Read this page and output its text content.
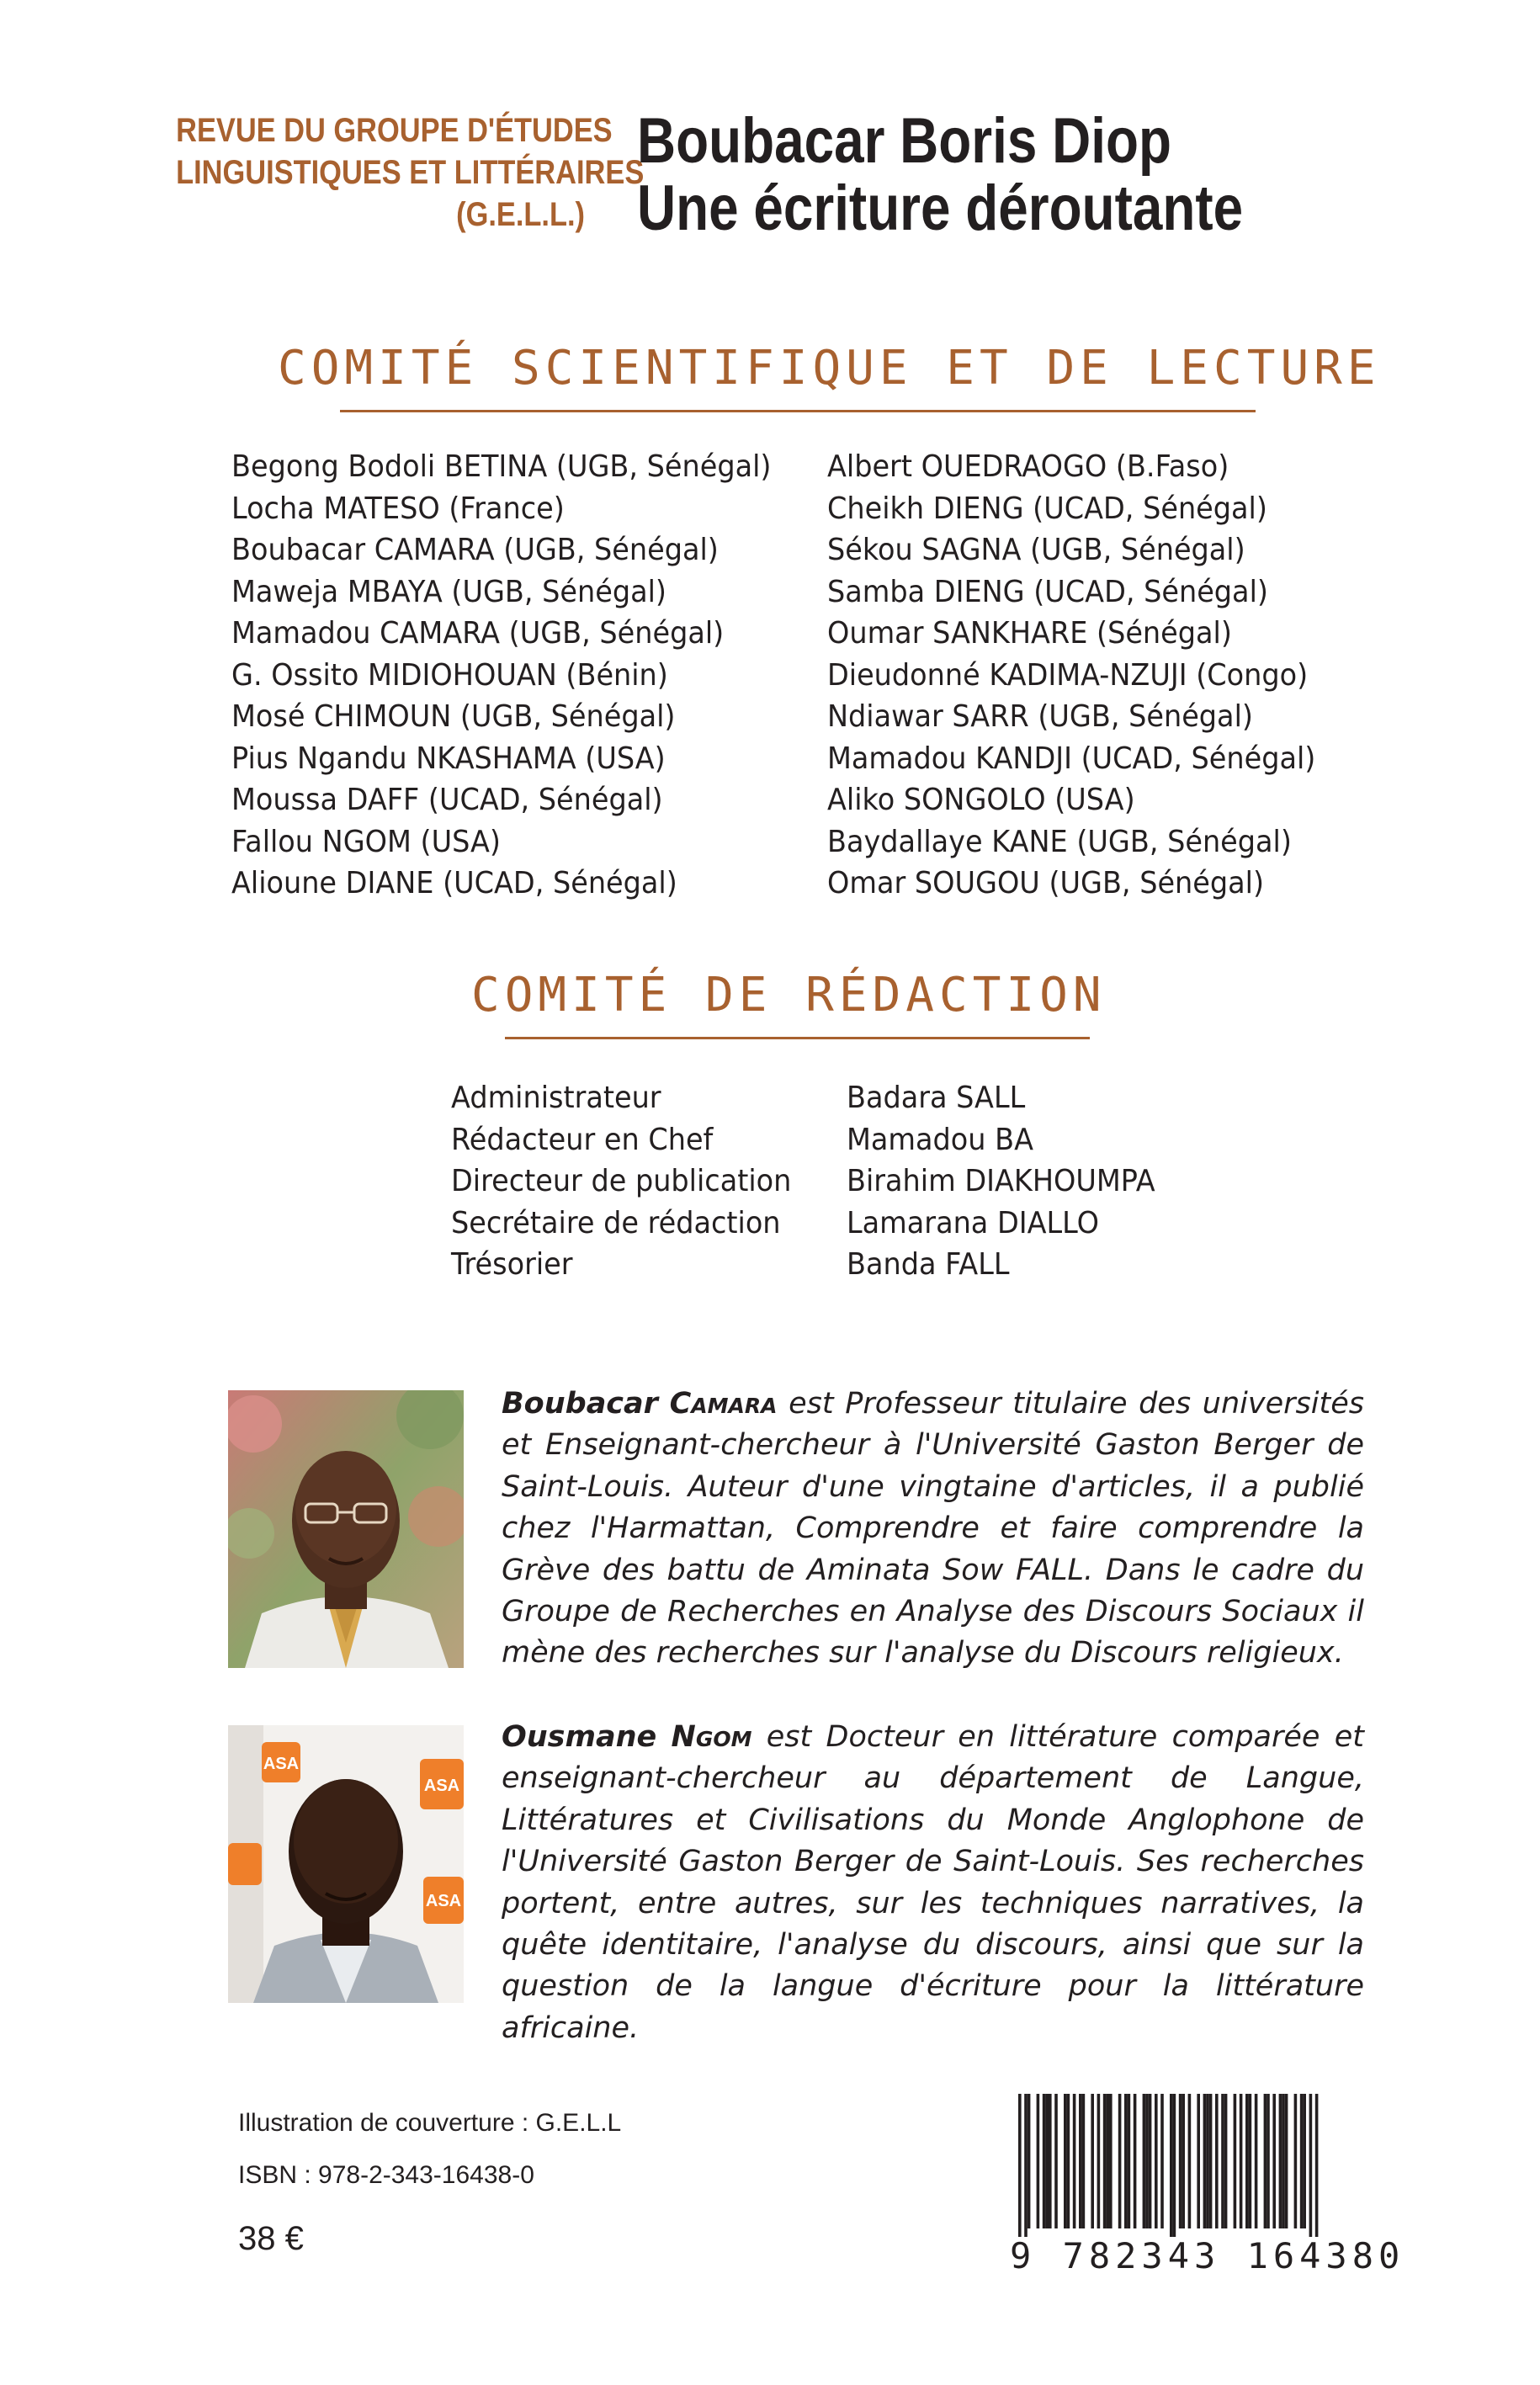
REVUE DU GROUPE D'ÉTUDES
LINGUISTIQUES ET LITTÉRAIRES
(G.E.L.L.)
Boubacar Boris Diop
Une écriture déroutante
COMITÉ SCIENTIFIQUE ET DE LECTURE
Begong Bodoli BETINA (UGB, Sénégal)
Locha MATESO (France)
Boubacar CAMARA (UGB, Sénégal)
Maweja MBAYA (UGB, Sénégal)
Mamadou CAMARA (UGB, Sénégal)
G. Ossito MIDIOHOUAN (Bénin)
Mosé CHIMOUN (UGB, Sénégal)
Pius Ngandu NKASHAMA (USA)
Moussa DAFF (UCAD, Sénégal)
Fallou NGOM (USA)
Alioune DIANE (UCAD, Sénégal)
Albert OUEDRAOGO (B.Faso)
Cheikh DIENG (UCAD, Sénégal)
Sékou SAGNA (UGB, Sénégal)
Samba DIENG (UCAD, Sénégal)
Oumar SANKHARE (Sénégal)
Dieudonné KADIMA-NZUJI (Congo)
Ndiawar SARR (UGB, Sénégal)
Mamadou KANDJI (UCAD, Sénégal)
Aliko SONGOLO (USA)
Baydallaye KANE (UGB, Sénégal)
Omar SOUGOU (UGB, Sénégal)
COMITÉ DE RÉDACTION
Administrateur
Rédacteur en Chef
Directeur de publication
Secrétaire de rédaction
Trésorier
Badara SALL
Mamadou BA
Birahim DIAKHOUMPA
Lamarana DIALLO
Banda FALL
Boubacar Camara est Professeur titulaire des universités et Enseignant-chercheur à l'Université Gaston Berger de Saint-Louis. Auteur d'une vingtaine d'articles, il a publié chez l'Harmattan, Comprendre et faire comprendre la Grève des battu de Aminata Sow FALL. Dans le cadre du Groupe de Recherches en Analyse des Discours Sociaux il mène des recherches sur l'analyse du Discours religieux.
ASA
ASA
ASA
Ousmane Ngom est Docteur en littérature comparée et enseignant-chercheur au département de Langue, Littératures et Civilisations du Monde Anglophone de l'Université Gaston Berger de Saint-Louis. Ses recherches portent, entre autres, sur les techniques narratives, la quête identitaire, l'analyse du discours, ainsi que sur la question de la langue d'écriture pour la littérature africaine.
Illustration de couverture : G.E.L.L
ISBN : 978-2-343-16438-0
38 €	9 782343 164380
